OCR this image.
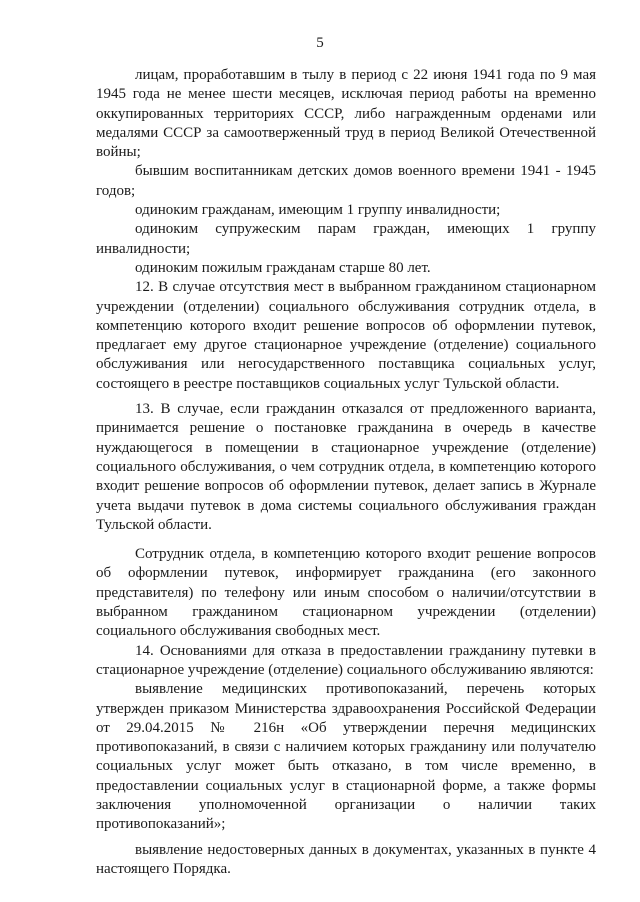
5

лицам, проработавшим в тылу в период с 22 июня 1941 года по 9 мая 1945 года не менее шести месяцев, исключая период работы на временно оккупированных территориях СССР, либо награжденным орденами или медалями СССР за самоотверженный труд в период Великой Отечественной войны;

бывшим воспитанникам детских домов военного времени 1941 - 1945 годов;

одиноким гражданам, имеющим 1 группу инвалидности;

одиноким супружеским парам граждан, имеющих 1 группу инвалидности;

одиноким пожилым гражданам старше 80 лет.

12. В случае отсутствия мест в выбранном гражданином стационарном учреждении (отделении) социального обслуживания сотрудник отдела, в компетенцию которого входит решение вопросов об оформлении путевок, предлагает ему другое стационарное учреждение (отделение) социального обслуживания или негосударственного поставщика социальных услуг, состоящего в реестре поставщиков социальных услуг Тульской области.

13. В случае, если гражданин отказался от предложенного варианта, принимается решение о постановке гражданина в очередь в качестве нуждающегося в помещении в стационарное учреждение (отделение) социального обслуживания, о чем сотрудник отдела, в компетенцию которого входит решение вопросов об оформлении путевок, делает запись в Журнале учета выдачи путевок в дома системы социального обслуживания граждан Тульской области.

Сотрудник отдела, в компетенцию которого входит решение вопросов об оформлении путевок, информирует гражданина (его законного представителя) по телефону или иным способом о наличии/отсутствии в выбранном гражданином стационарном учреждении (отделении) социального обслуживания свободных мест.

14. Основаниями для отказа в предоставлении гражданину путевки в стационарное учреждение (отделение) социального обслуживанию являются:

выявление медицинских противопоказаний, перечень которых утвержден приказом Министерства здравоохранения Российской Федерации от 29.04.2015 № 216н «Об утверждении перечня медицинских противопоказаний, в связи с наличием которых гражданину или получателю социальных услуг может быть отказано, в том числе временно, в предоставлении социальных услуг в стационарной форме, а также формы заключения уполномоченной организации о наличии таких противопоказаний»;

выявление недостоверных данных в документах, указанных в пункте 4 настоящего Порядка.
